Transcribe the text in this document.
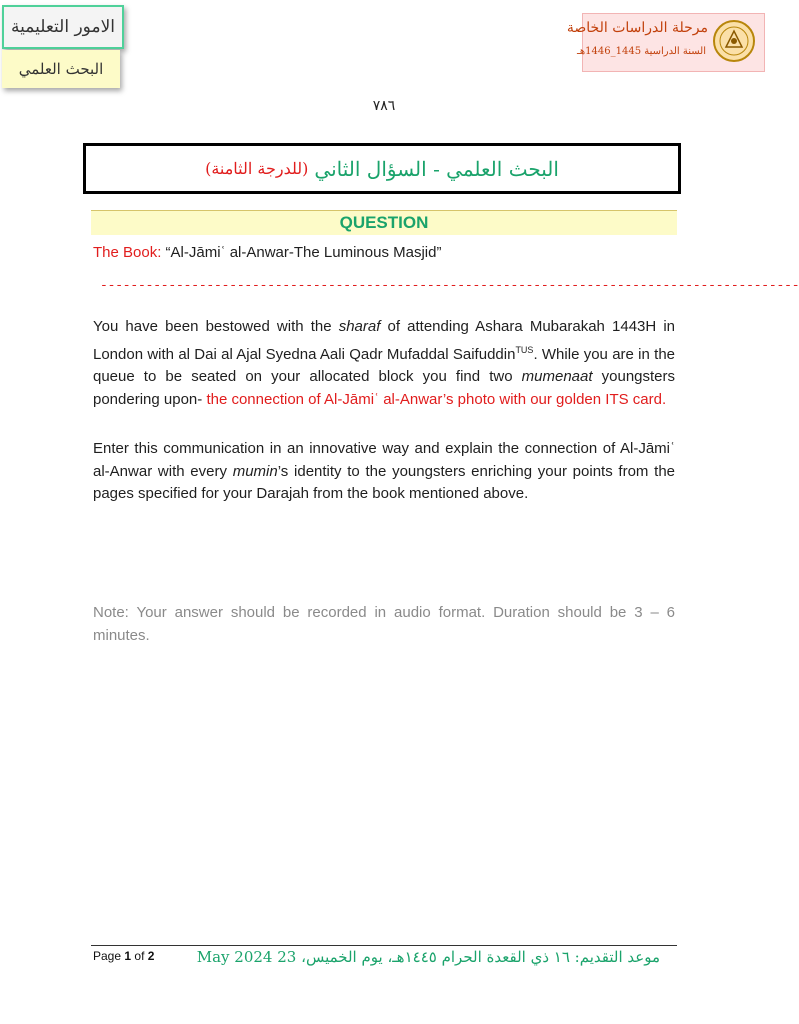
الامور التعليمية
البحث العلمي
مرحلة الدراسات الخاصة
السنة الدراسية 1445_1446هـ
٧٨٦
البحث العلمي - السؤال الثاني
(للدرجة الثامنة)
QUESTION
The Book: “Al-Jāmiʿ al-Anwar-The Luminous Masjid”
--------------------------------------------------------------------------------------------
You have been bestowed with the sharaf of attending Ashara Mubarakah 1443H in London with al Dai al Ajal Syedna Aali Qadr Mufaddal Saifuddin$^{TUS}$. While you are in the queue to be seated on your allocated block you find two mumenaat youngsters pondering upon- the connection of Al-Jāmiʿ al-Anwar’s photo with our golden ITS card.
Enter this communication in an innovative way and explain the connection of Al-Jāmiʿ al-Anwar with every mumin’s identity to the youngsters enriching your points from the pages specified for your Darajah from the book mentioned above.
Note: Your answer should be recorded in audio format. Duration should be 3 – 6 minutes.
Page 1 of 2	موعد التقديم: ١٦ ذي القعدة الحرام ١٤٤٥هـ، يوم الخميس، 23 May 2024
